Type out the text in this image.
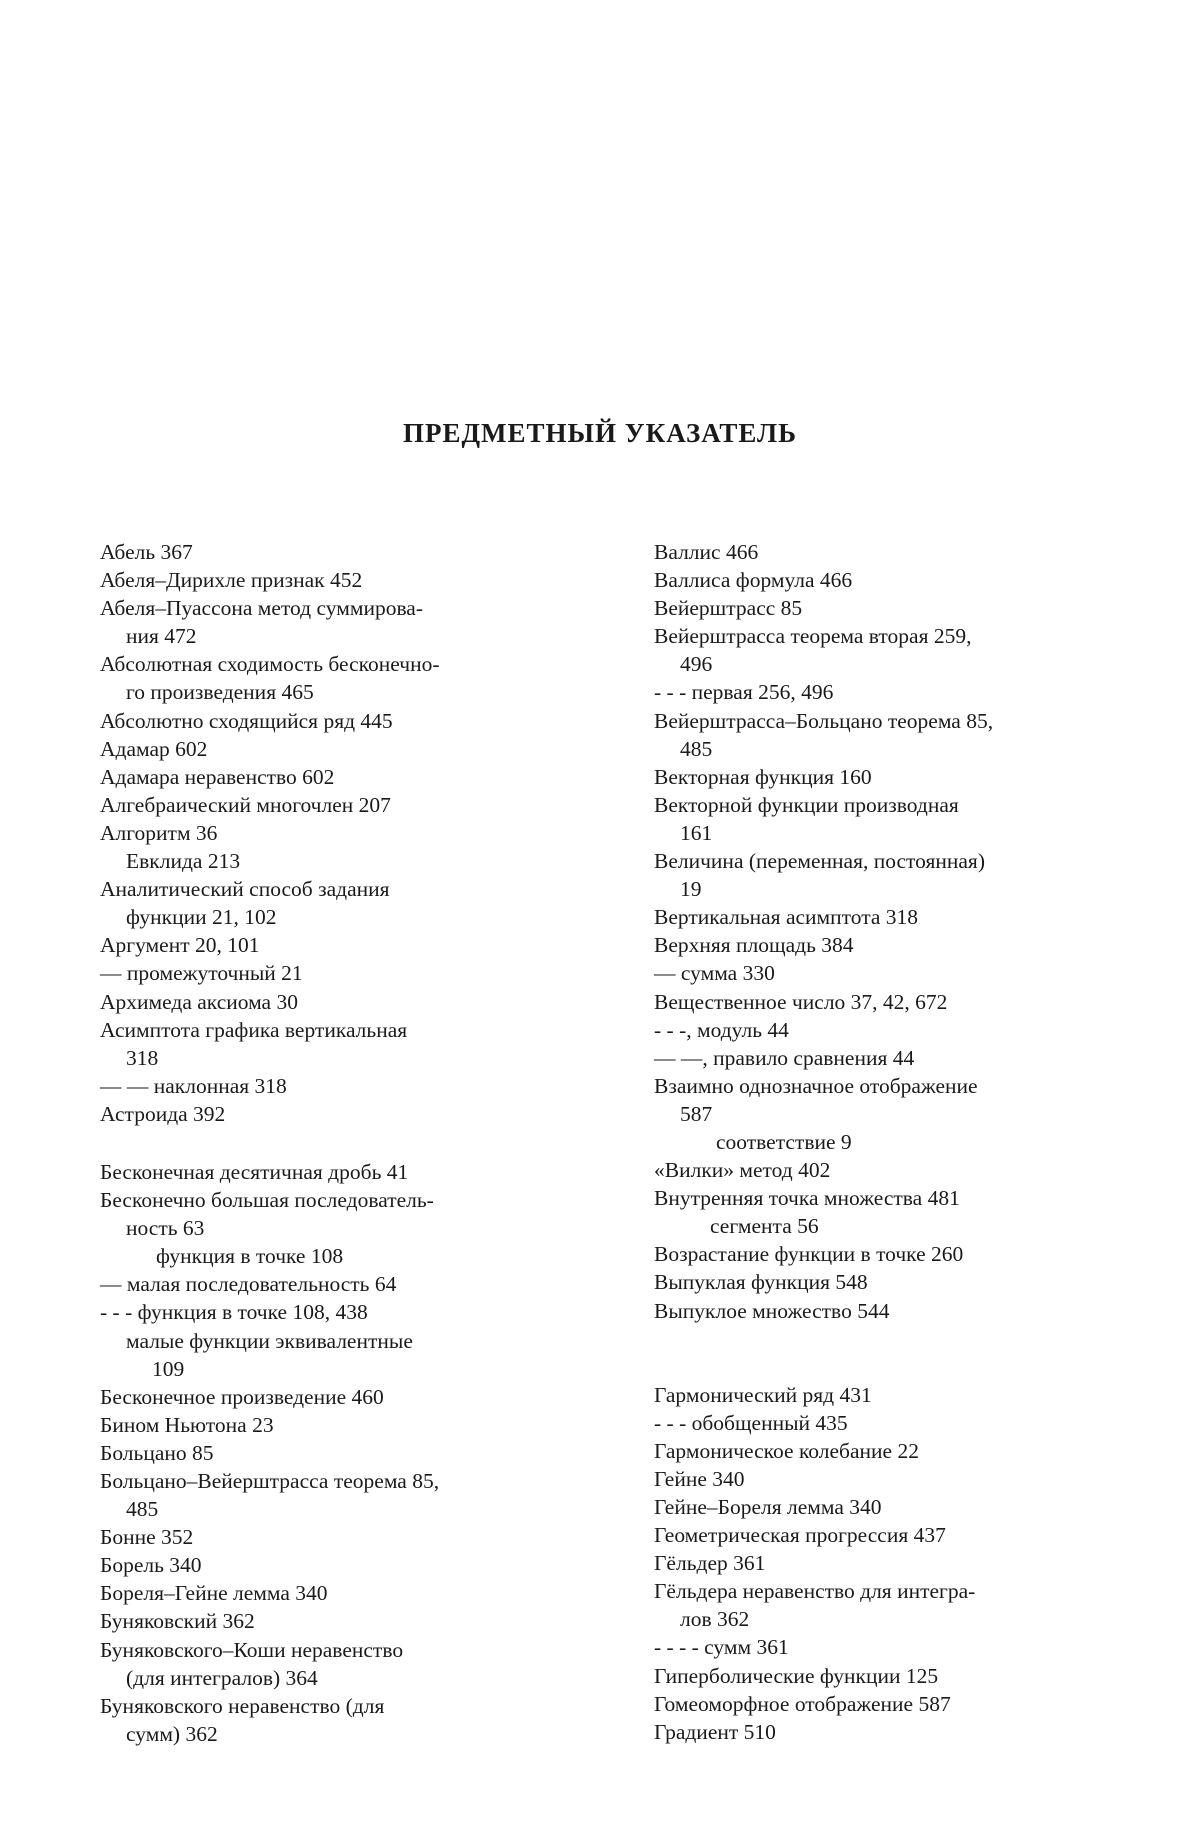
ПРЕДМЕТНЫЙ УКАЗАТЕЛЬ
Абель 367
Абеля–Дирихле признак 452
Абеля–Пуассона метод суммирова-
ния 472
Абсолютная сходимость бесконечно-
го произведения 465
Абсолютно сходящийся ряд 445
Адамар 602
Адамара неравенство 602
Алгебраический многочлен 207
Алгоритм 36
Евклида 213
Аналитический способ задания
функции 21, 102
Аргумент 20, 101
— промежуточный 21
Архимеда аксиома 30
Асимптота графика вертикальная
318
— — наклонная 318
Астроида 392
Бесконечная десятичная дробь 41
Бесконечно большая последователь-
ность 63
функция в точке 108
— малая последовательность 64
- - - функция в точке 108, 438
малые функции эквивалентные
109
Бесконечное произведение 460
Бином Ньютона 23
Больцано 85
Больцано–Вейерштрасса теорема 85,
485
Бонне 352
Борель 340
Бореля–Гейне лемма 340
Буняковский 362
Буняковского–Коши неравенство
(для интегралов) 364
Буняковского неравенство (для
сумм) 362
Валлис 466
Валлиса формула 466
Вейерштрасс 85
Вейерштрасса теорема вторая 259,
496
- - - первая 256, 496
Вейерштрасса–Больцано теорема 85,
485
Векторная функция 160
Векторной функции производная
161
Величина (переменная, постоянная)
19
Вертикальная асимптота 318
Верхняя площадь 384
— сумма 330
Вещественное число 37, 42, 672
- - -, модуль 44
— —, правило сравнения 44
Взаимно однозначное отображение
587
соответствие 9
«Вилки» метод 402
Внутренняя точка множества 481
сегмента 56
Возрастание функции в точке 260
Выпуклая функция 548
Выпуклое множество 544
Гармонический ряд 431
- - - обобщенный 435
Гармоническое колебание 22
Гейне 340
Гейне–Бореля лемма 340
Геометрическая прогрессия 437
Гёльдер 361
Гёльдера неравенство для интегра-
лов 362
- - - - сумм 361
Гиперболические функции 125
Гомеоморфное отображение 587
Градиент 510
